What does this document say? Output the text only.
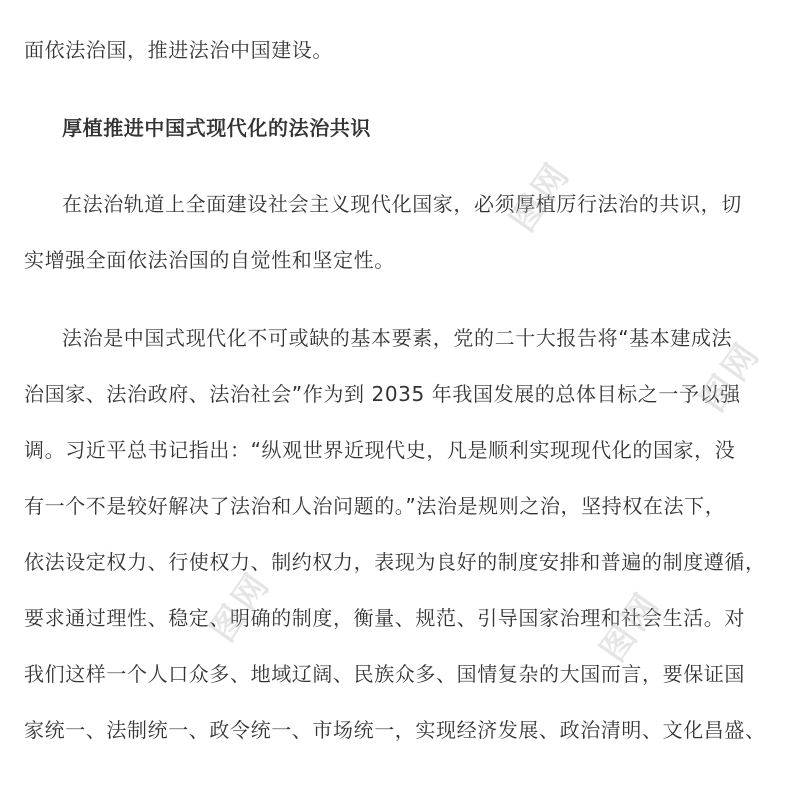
面依法治国，推进法治中国建设。
厚植推进中国式现代化的法治共识
在法治轨道上全面建设社会主义现代化国家，必须厚植厉行法治的共识，切
实增强全面依法治国的自觉性和坚定性。
法治是中国式现代化不可或缺的基本要素，党的二十大报告将“基本建成法
治国家、法治政府、法治社会”作为到 2035 年我国发展的总体目标之一予以强
调。习近平总书记指出：“纵观世界近现代史，凡是顺利实现现代化的国家，没
有一个不是较好解决了法治和人治问题的。”法治是规则之治，坚持权在法下，
依法设定权力、行使权力、制约权力，表现为良好的制度安排和普遍的制度遵循，
要求通过理性、稳定、明确的制度，衡量、规范、引导国家治理和社会生活。对
我们这样一个人口众多、地域辽阔、民族众多、国情复杂的大国而言，要保证国
家统一、法制统一、政令统一、市场统一，实现经济发展、政治清明、文化昌盛、
图网
图网	图网
图网
